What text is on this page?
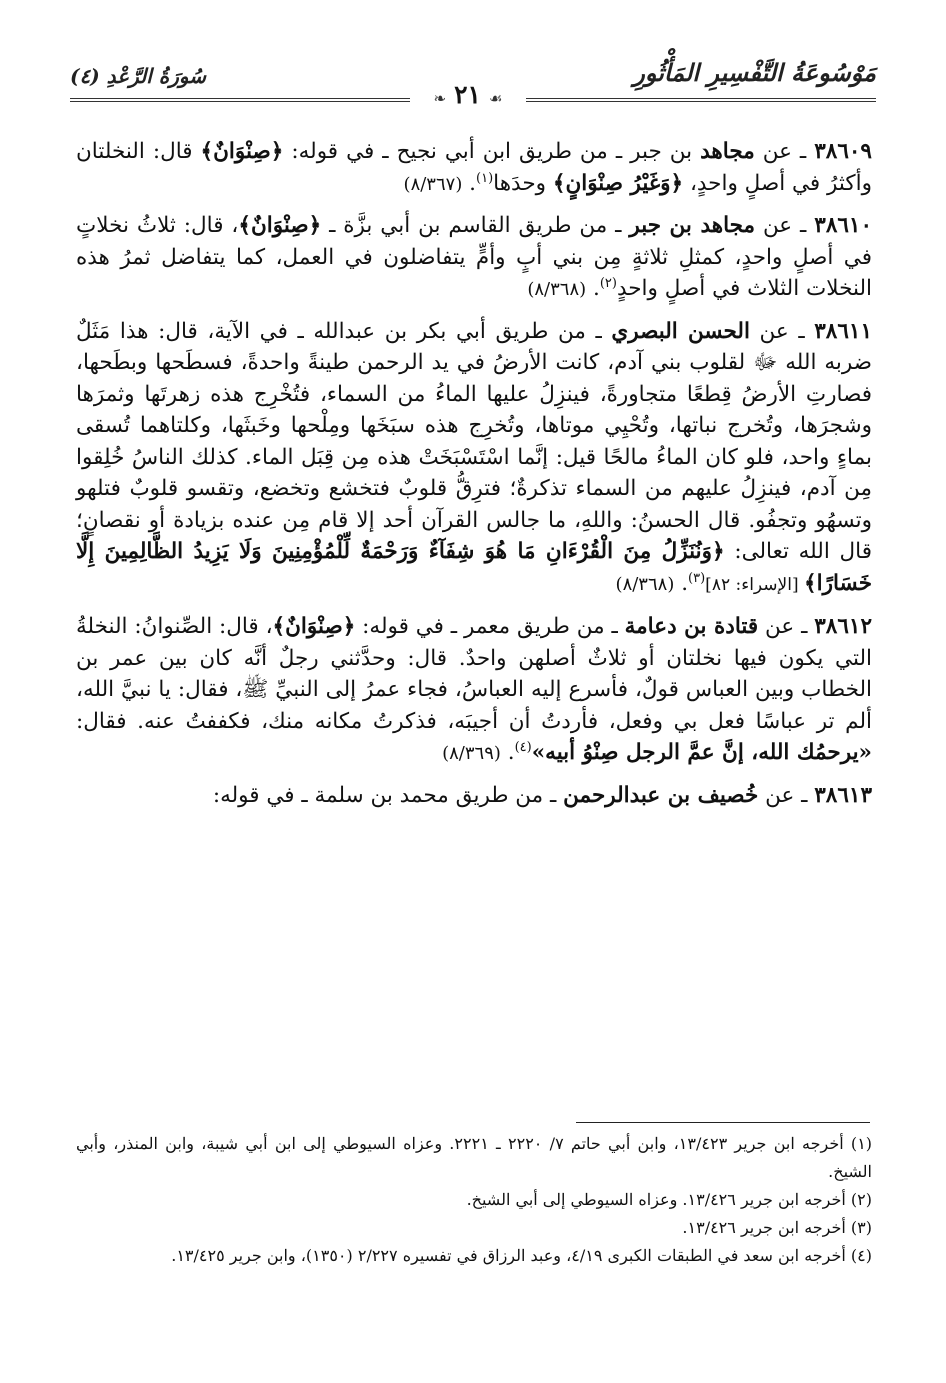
مَوْسُوعَةُ التَّفْسِيرِ المَأْثُورِ
سُورَةُ الرَّعْدِ (٤)
☙٢١❧

٣٨٦٠٩ ـ عن مجاهد بن جبر ـ من طريق ابن أبي نجيح ـ في قوله: ﴿صِنْوَانٌ﴾ قال: النخلتان وأكثرُ في أصلٍ واحدٍ، ﴿وَغَيْرُ صِنْوَانٍ﴾ وحدَها$^{(١)}$. (٨/٣٦٧)

٣٨٦١٠ ـ عن مجاهد بن جبر ـ من طريق القاسم بن أبي بزَّة ـ ﴿صِنْوَانٌ﴾، قال: ثلاثُ نخلاتٍ في أصلٍ واحدٍ، كمثلِ ثلاثةٍ مِن بني أبٍ وأمٍّ يتفاضلون في العمل، كما يتفاضل ثمرُ هذه النخلات الثلاث في أصلٍ واحدٍ$^{(٢)}$. (٨/٣٦٨)

٣٨٦١١ ـ عن الحسن البصري ـ من طريق أبي بكر بن عبدالله ـ في الآية، قال: هذا مَثَلٌ ضربه الله ﷻ لقلوب بني آدم، كانت الأرضُ في يد الرحمن طينةً واحدةً، فسطَحها وبطَحها، فصارتِ الأرضُ قِطعًا متجاورةً، فينزِلُ عليها الماءُ من السماء، فتُخْرِج هذه زهرتَها وثمرَها وشجرَها، وتُخرج نباتها، وتُحْيِي موتاها، وتُخرِج هذه سبَخَها ومِلْحها وخَبثَها، وكلتاهما تُسقى بماءٍ واحد، فلو كان الماءُ مالحًا قيل: إنَّما اسْتَسْبَخَتْ هذه مِن قِبَل الماء. كذلك الناسُ خُلِقوا مِن آدم، فينزِلُ عليهم من السماء تذكرةٌ؛ فترِقُّ قلوبٌ فتخشع وتخضع، وتقسو قلوبٌ فتلهو وتسهُو وتجفُو. قال الحسنُ: واللهِ، ما جالس القرآن أحد إلا قام مِن عنده بزيادة أو نقصانٍ؛ قال الله تعالى: ﴿وَنُنَزِّلُ مِنَ الْقُرْءَانِ مَا هُوَ شِفَآءٌ وَرَحْمَةٌ لِّلْمُؤْمِنِينَ وَلَا يَزِيدُ الظَّالِمِينَ إِلَّا خَسَارًا﴾ [الإسراء: ٨٢]$^{(٣)}$. (٨/٣٦٨)

٣٨٦١٢ ـ عن قتادة بن دعامة ـ من طريق معمر ـ في قوله: ﴿صِنْوَانٌ﴾، قال: الصِّنوانُ: النخلةُ التي يكون فيها نخلتان أو ثلاثٌ أصلهن واحدٌ. قال: وحدَّثني رجلٌ أنَّه كان بين عمر بن الخطاب وبين العباس قولٌ، فأسرع إليه العباسُ، فجاء عمرُ إلى النبيِّ ﷺ، فقال: يا نبيَّ الله، ألم تر عباسًا فعل بي وفعل، فأردتُ أن أجيبَه، فذكرتُ مكانه منك، فكففتُ عنه. فقال: «يرحمُك الله، إنَّ عمَّ الرجل صِنْوُ أبيه»$^{(٤)}$. (٨/٣٦٩)

٣٨٦١٣ ـ عن خُصيف بن عبدالرحمن ـ من طريق محمد بن سلمة ـ في قوله:

(١) أخرجه ابن جرير ١٣/٤٢٣، وابن أبي حاتم ٧/ ٢٢٢٠ ـ ٢٢٢١. وعزاه السيوطي إلى ابن أبي شيبة، وابن المنذر، وأبي الشيخ.

(٢) أخرجه ابن جرير ١٣/٤٢٦. وعزاه السيوطي إلى أبي الشيخ.

(٣) أخرجه ابن جرير ١٣/٤٢٦.

(٤) أخرجه ابن سعد في الطبقات الكبرى ٤/١٩، وعبد الرزاق في تفسيره ٢/٢٢٧ (١٣٥٠)، وابن جرير ١٣/٤٢٥.
